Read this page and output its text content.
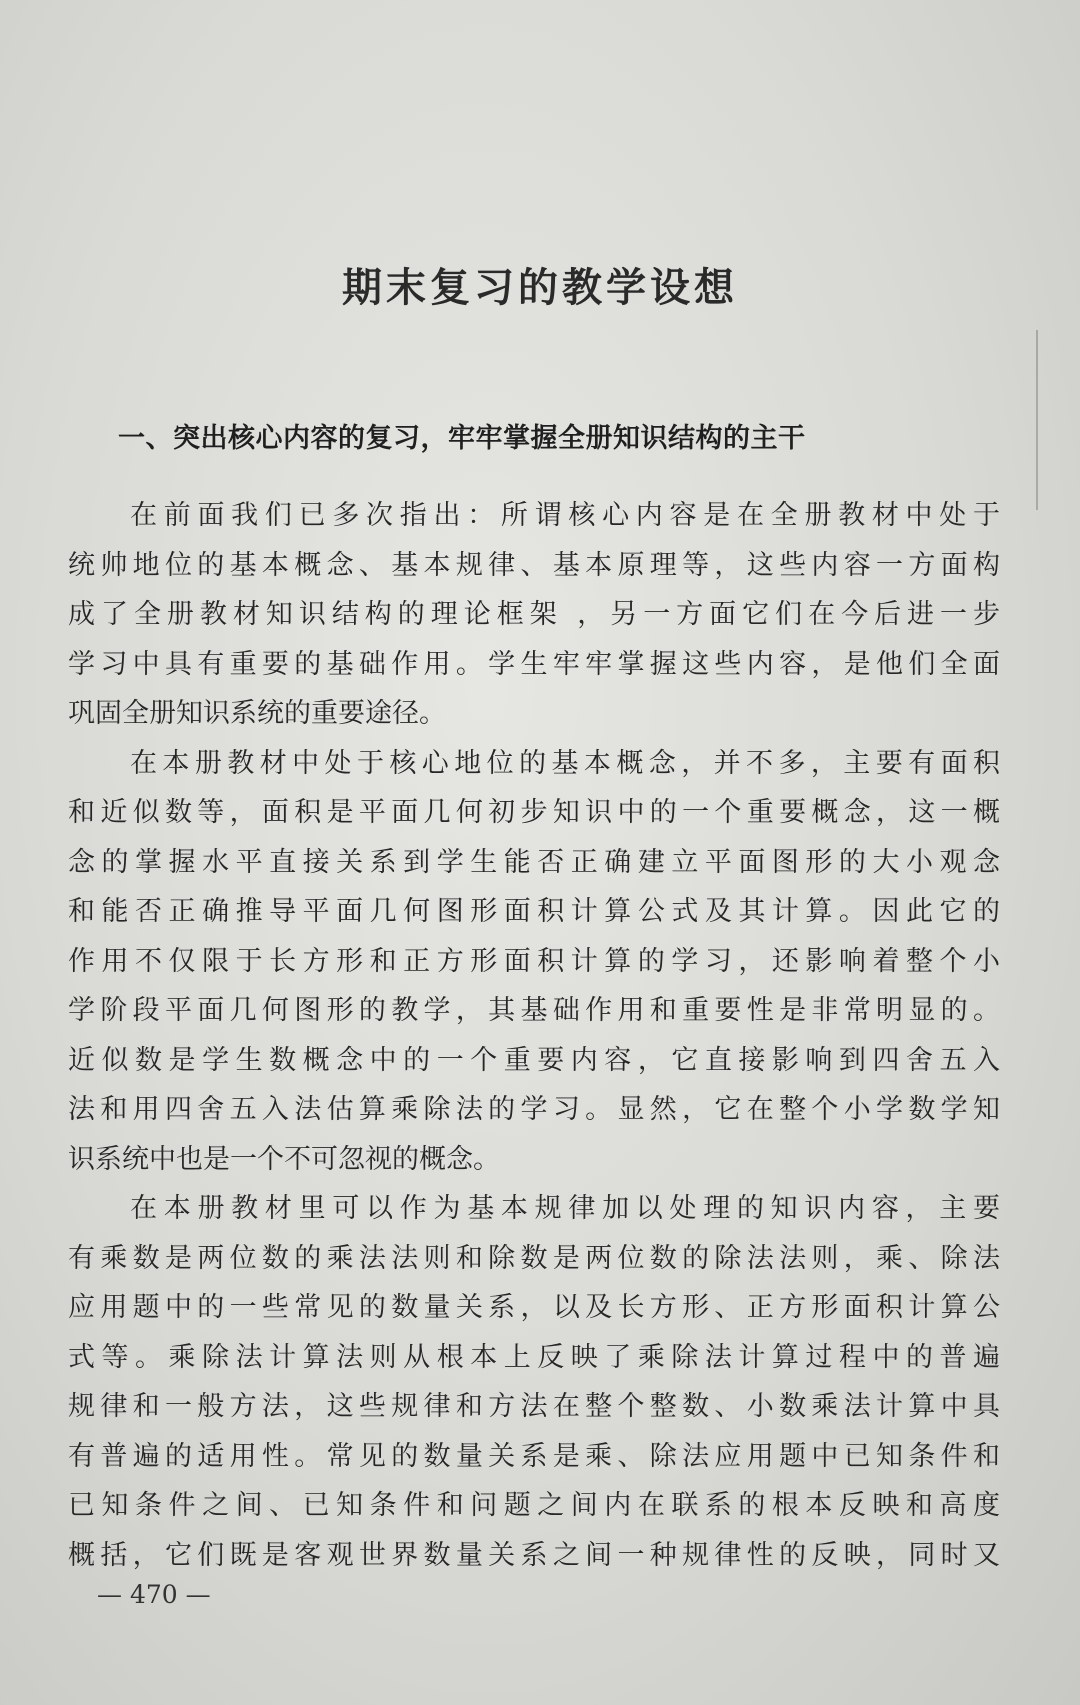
期末复习的教学设想
一、突出核心内容的复习，牢牢掌握全册知识结构的主干
在前面我们已多次指出：所谓核心内容是在全册教材中处于
统帅地位的基本概念、基本规律、基本原理等，这些内容一方面构
成了全册教材知识结构的理论框架 ，另一方面它们在今后进一步
学习中具有重要的基础作用。学生牢牢掌握这些内容，是他们全面
巩固全册知识系统的重要途径。
在本册教材中处于核心地位的基本概念，并不多，主要有面积
和近似数等，面积是平面几何初步知识中的一个重要概念，这一概
念的掌握水平直接关系到学生能否正确建立平面图形的大小观念
和能否正确推导平面几何图形面积计算公式及其计算。因此它的
作用不仅限于长方形和正方形面积计算的学习，还影响着整个小
学阶段平面几何图形的教学，其基础作用和重要性是非常明显的。
近似数是学生数概念中的一个重要内容，它直接影响到四舍五入
法和用四舍五入法估算乘除法的学习。显然，它在整个小学数学知
识系统中也是一个不可忽视的概念。
在本册教材里可以作为基本规律加以处理的知识内容，主要
有乘数是两位数的乘法法则和除数是两位数的除法法则，乘、除法
应用题中的一些常见的数量关系，以及长方形、正方形面积计算公
式等。乘除法计算法则从根本上反映了乘除法计算过程中的普遍
规律和一般方法，这些规律和方法在整个整数、小数乘法计算中具
有普遍的适用性。常见的数量关系是乘、除法应用题中已知条件和
已知条件之间、已知条件和问题之间内在联系的根本反映和高度
概括，它们既是客观世界数量关系之间一种规律性的反映，同时又
— 470 —
